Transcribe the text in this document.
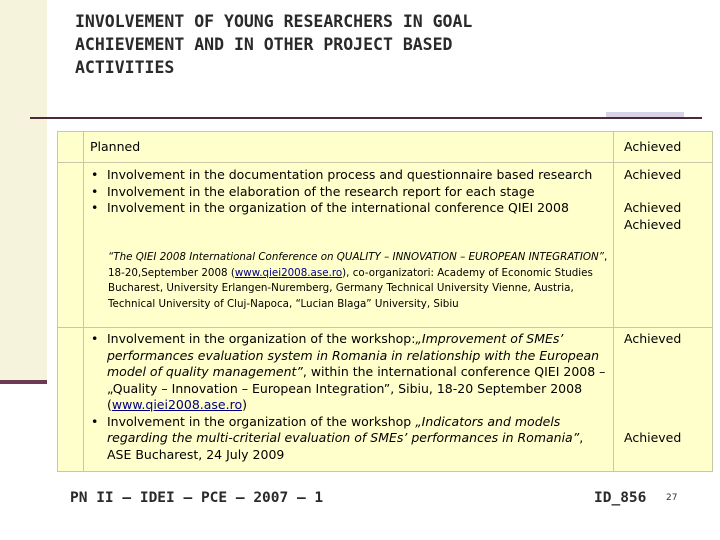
INVOLVEMENT OF YOUNG RESEARCHERS IN GOAL
ACHIEVEMENT AND IN OTHER PROJECT BASED
ACTIVITIES
Planned	Achieved
• Involvement in the documentation process and questionnaire based research
• Involvement in the elaboration of the research report for each stage
• Involvement in the organization of the international conference QIEI 2008
“The QIEI 2008 International Conference on QUALITY – INNOVATION – EUROPEAN INTEGRATION”, 18-20,September 2008 (www.qiei2008.ase.ro), co-organizatori: Academy of Economic Studies Bucharest, University Erlangen-Nuremberg, Germany Technical University Vienne, Austria, Technical University of Cluj-Napoca, “Lucian Blaga” University, Sibiu
Achieved
Achieved
Achieved
• Involvement in the organization of the workshop:„Improvement of SMEs’ performances evaluation system in Romania in relationship with the European model of quality management”, within the international conference QIEI 2008 – „Quality – Innovation – European Integration”, Sibiu, 18-20 September 2008 (www.qiei2008.ase.ro)
• Involvement in the organization of the workshop „Indicators and models regarding the multi-criterial evaluation of SMEs’ performances in Romania”, ASE Bucharest, 24 July 2009
Achieved
Achieved
PN II – IDEI – PCE – 2007 – 1	ID_856 27
